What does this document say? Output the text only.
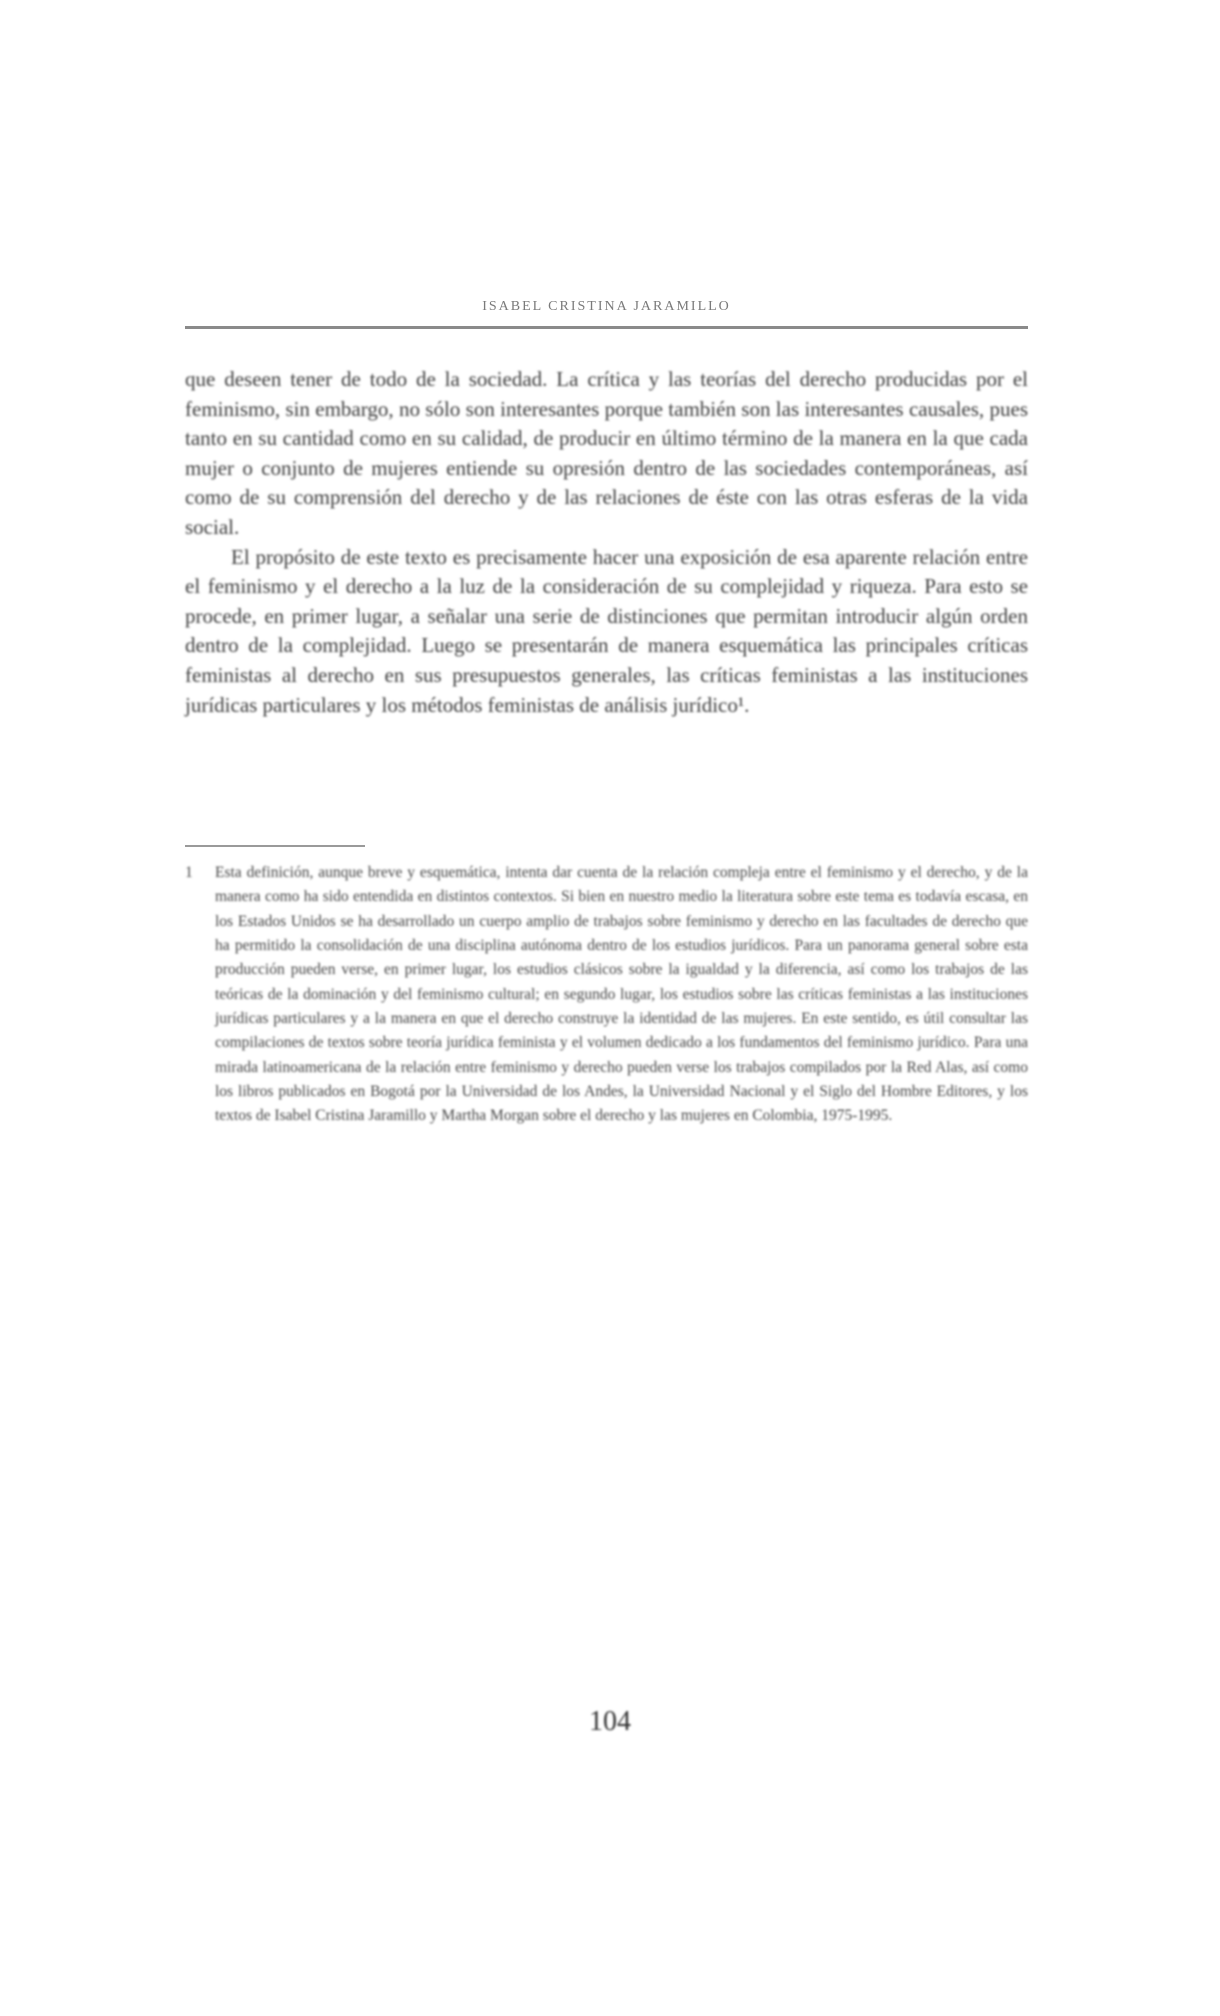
ISABEL CRISTINA JARAMILLO

que deseen tener de todo de la sociedad. La crítica y las teorías del derecho producidas por el feminismo, sin embargo, no sólo son interesantes porque también son las interesantes causales, pues tanto en su cantidad como en su calidad, de producir en último término de la manera en la que cada mujer o conjunto de mujeres entiende su opresión dentro de las sociedades contemporáneas, así como de su comprensión del derecho y de las relaciones de éste con las otras esferas de la vida social.

El propósito de este texto es precisamente hacer una exposición de esa aparente relación entre el feminismo y el derecho a la luz de la consideración de su complejidad y riqueza. Para esto se procede, en primer lugar, a señalar una serie de distinciones que permitan introducir algún orden dentro de la complejidad. Luego se presentarán de manera esquemática las principales críticas feministas al derecho en sus presupuestos generales, las críticas feministas a las instituciones jurídicas particulares y los métodos feministas de análisis jurídico¹.

1 Esta definición, aunque breve y esquemática, intenta dar cuenta de la relación compleja entre el feminismo y el derecho, y de la manera como ha sido entendida en distintos contextos. Si bien en nuestro medio la literatura sobre este tema es todavía escasa, en los Estados Unidos se ha desarrollado un cuerpo amplio de trabajos sobre feminismo y derecho en las facultades de derecho que ha permitido la consolidación de una disciplina autónoma dentro de los estudios jurídicos. Para un panorama general sobre esta producción pueden verse, en primer lugar, los estudios clásicos sobre la igualdad y la diferencia, así como los trabajos de las teóricas de la dominación y del feminismo cultural; en segundo lugar, los estudios sobre las críticas feministas a las instituciones jurídicas particulares y a la manera en que el derecho construye la identidad de las mujeres. En este sentido, es útil consultar las compilaciones de textos sobre teoría jurídica feminista y el volumen dedicado a los fundamentos del feminismo jurídico. Para una mirada latinoamericana de la relación entre feminismo y derecho pueden verse los trabajos compilados por la Red Alas, así como los libros publicados en Bogotá por la Universidad de los Andes, la Universidad Nacional y el Siglo del Hombre Editores, y los textos de Isabel Cristina Jaramillo y Martha Morgan sobre el derecho y las mujeres en Colombia, 1975-1995.
104
